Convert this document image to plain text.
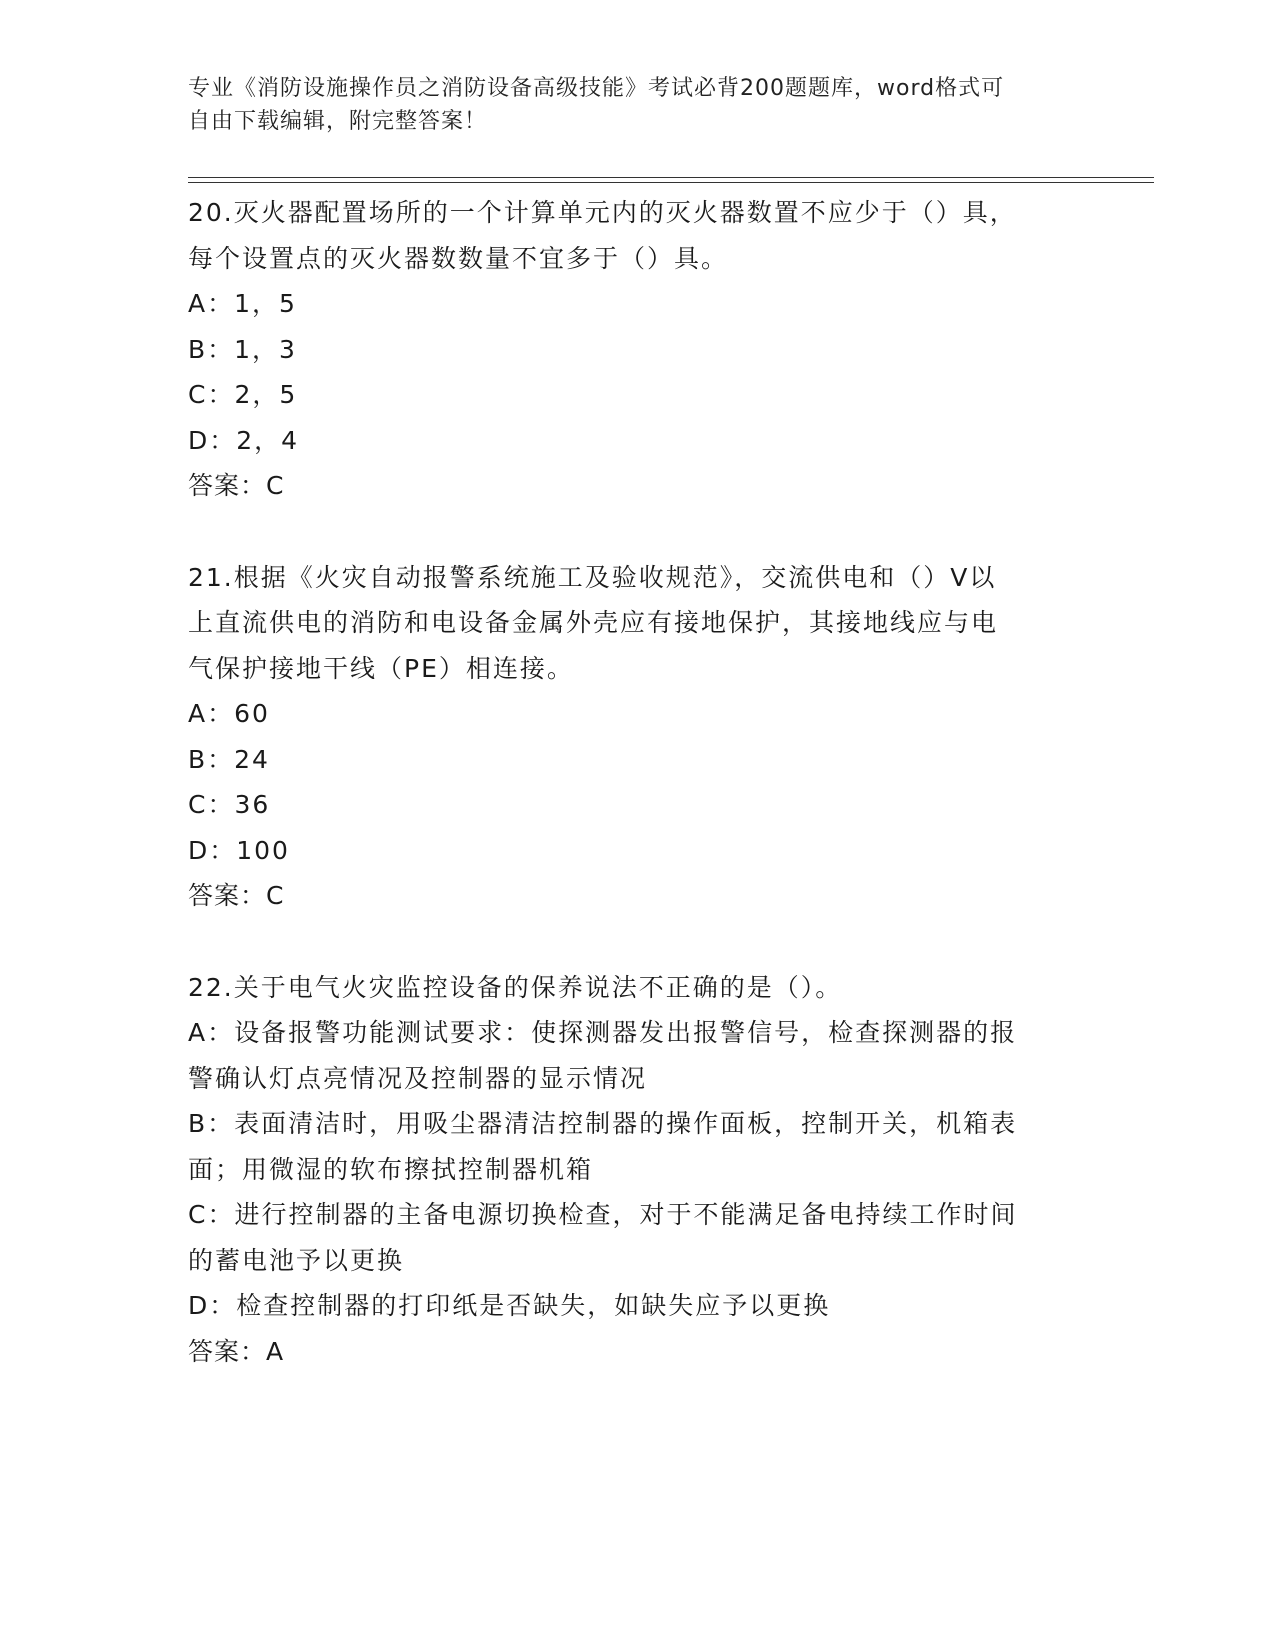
专业《消防设施操作员之消防设备高级技能》考试必背200题题库，word格式可
自由下载编辑，附完整答案！
20.灭火器配置场所的一个计算单元内的灭火器数置不应少于（）具，
每个设置点的灭火器数数量不宜多于（）具。
A：1，5
B：1，3
C：2，5
D：2，4
答案：C
21.根据《火灾自动报警系统施工及验收规范》，交流供电和（）V以
上直流供电的消防和电设备金属外壳应有接地保护，其接地线应与电
气保护接地干线（PE）相连接。
A：60
B：24
C：36
D：100
答案：C
22.关于电气火灾监控设备的保养说法不正确的是（）。
A：设备报警功能测试要求：使探测器发出报警信号，检查探测器的报
警确认灯点亮情况及控制器的显示情况
B：表面清洁时，用吸尘器清洁控制器的操作面板，控制开关，机箱表
面；用微湿的软布擦拭控制器机箱
C：进行控制器的主备电源切换检查，对于不能满足备电持续工作时间
的蓄电池予以更换
D：检查控制器的打印纸是否缺失，如缺失应予以更换
答案：A
